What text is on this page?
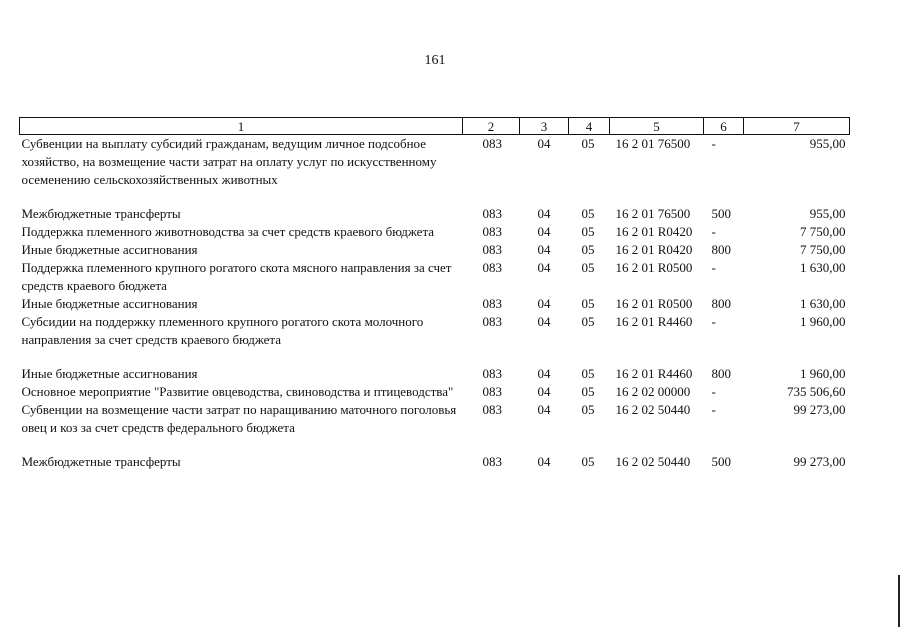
161
1	2	3	4	5	6	7
Субвенции на выплату субсидий гражданам, ведущим личное подсобное хозяйство, на возмещение части затрат на оплату услуг по искусственному осеменению сельскохозяйственных животных	083	04	05	16 2 01 76500	-	955,00

Межбюджетные трансферты	083	04	05	16 2 01 76500	500	955,00
Поддержка племенного животноводства за счет средств краевого бюджета	083	04	05	16 2 01 R0420	-	7 750,00
Иные бюджетные ассигнования	083	04	05	16 2 01 R0420	800	7 750,00
Поддержка племенного крупного рогатого скота мясного направления за счет средств краевого бюджета	083	04	05	16 2 01 R0500	-	1 630,00
Иные бюджетные ассигнования	083	04	05	16 2 01 R0500	800	1 630,00
Субсидии на поддержку племенного крупного рогатого скота молочного направления за счет средств краевого бюджета	083	04	05	16 2 01 R4460	-	1 960,00

Иные бюджетные ассигнования	083	04	05	16 2 01 R4460	800	1 960,00
Основное мероприятие "Развитие овцеводства, свиноводства и птицеводства"	083	04	05	16 2 02 00000	-	735 506,60
Субвенции на возмещение части затрат по наращиванию маточного поголовья овец и коз за счет средств федерального бюджета	083	04	05	16 2 02 50440	-	99 273,00

Межбюджетные трансферты	083	04	05	16 2 02 50440	500	99 273,00
